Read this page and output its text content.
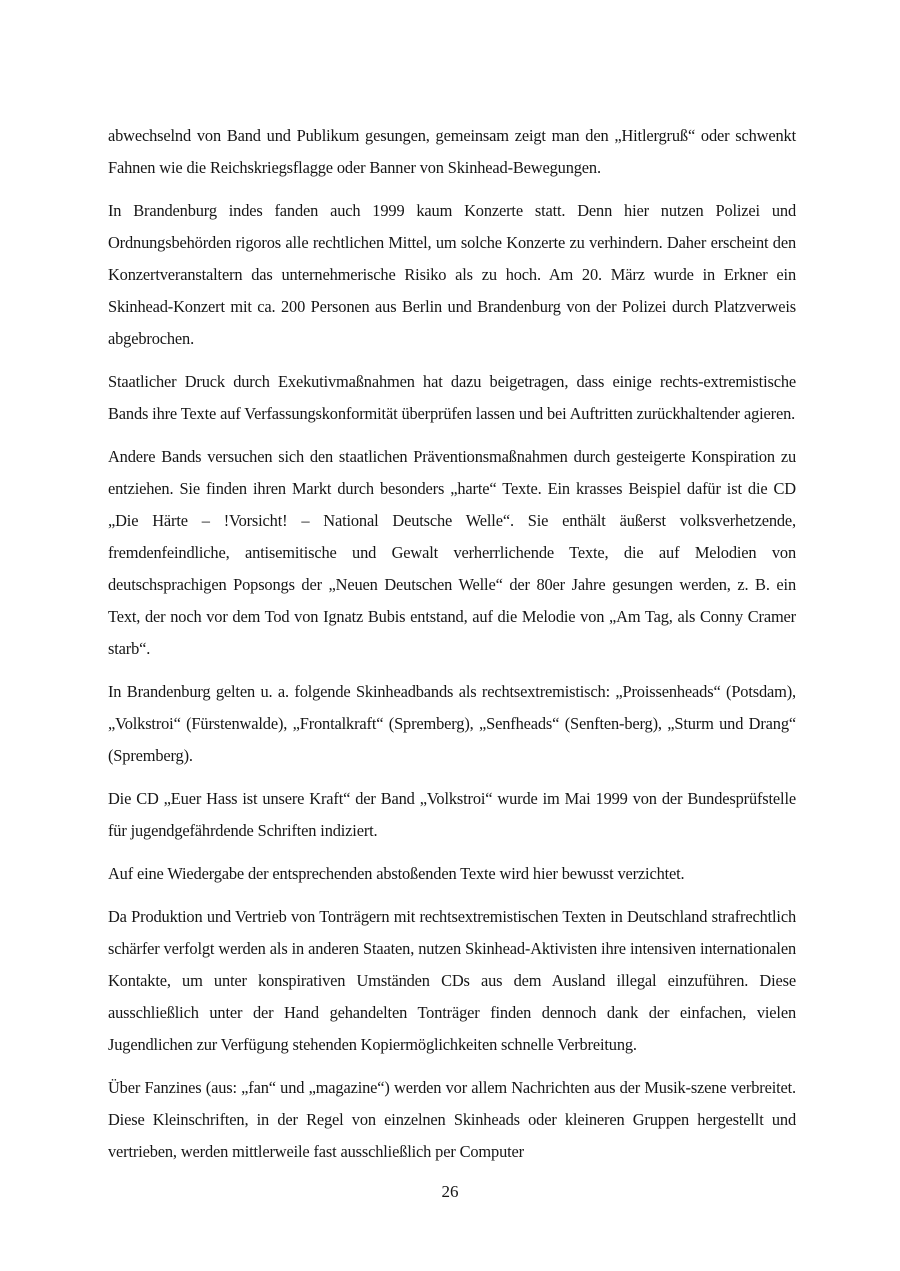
abwechselnd von Band und Publikum gesungen, gemeinsam zeigt man den „Hitlergruß“ oder schwenkt Fahnen wie die Reichskriegsflagge oder Banner von Skinhead-Bewegungen.

In Brandenburg indes fanden auch 1999 kaum Konzerte statt. Denn hier nutzen Polizei und Ordnungsbehörden rigoros alle rechtlichen Mittel, um solche Konzerte zu verhindern. Daher erscheint den Konzertveranstaltern das unternehmerische Risiko als zu hoch. Am 20. März wurde in Erkner ein Skinhead-Konzert mit ca. 200 Personen aus Berlin und Brandenburg von der Polizei durch Platzverweis abgebrochen.

Staatlicher Druck durch Exekutivmaßnahmen hat dazu beigetragen, dass einige rechts-extremistische Bands ihre Texte auf Verfassungskonformität überprüfen lassen und bei Auftritten zurückhaltender agieren.

Andere Bands versuchen sich den staatlichen Präventionsmaßnahmen durch gesteigerte Konspiration zu entziehen. Sie finden ihren Markt durch besonders „harte“ Texte. Ein krasses Beispiel dafür ist die CD „Die Härte – !Vorsicht! – National Deutsche Welle“. Sie enthält äußerst volksverhetzende, fremdenfeindliche, antisemitische und Gewalt verherrlichende Texte, die auf Melodien von deutschsprachigen Popsongs der „Neuen Deutschen Welle“ der 80er Jahre gesungen werden, z. B. ein Text, der noch vor dem Tod von Ignatz Bubis entstand, auf die Melodie von „Am Tag, als Conny Cramer starb“.

In Brandenburg gelten u. a. folgende Skinheadbands als rechtsextremistisch: „Proissenheads“ (Potsdam), „Volkstroi“ (Fürstenwalde), „Frontalkraft“ (Spremberg), „Senfheads“ (Senften-berg), „Sturm und Drang“ (Spremberg).

Die CD „Euer Hass ist unsere Kraft“ der Band „Volkstroi“ wurde im Mai 1999 von der Bundesprüfstelle für jugendgefährdende Schriften indiziert.

Auf eine Wiedergabe der entsprechenden abstoßenden Texte wird hier bewusst verzichtet.

Da Produktion und Vertrieb von Tonträgern mit rechtsextremistischen Texten in Deutschland strafrechtlich schärfer verfolgt werden als in anderen Staaten, nutzen Skinhead-Aktivisten ihre intensiven internationalen Kontakte, um unter konspirativen Umständen CDs aus dem Ausland illegal einzuführen. Diese ausschließlich unter der Hand gehandelten Tonträger finden dennoch dank der einfachen, vielen Jugendlichen zur Verfügung stehenden Kopiermöglichkeiten schnelle Verbreitung.

Über Fanzines (aus: „fan“ und „magazine“) werden vor allem Nachrichten aus der Musik-szene verbreitet. Diese Kleinschriften, in der Regel von einzelnen Skinheads oder kleineren Gruppen hergestellt und vertrieben, werden mittlerweile fast ausschließlich per Computer

26
